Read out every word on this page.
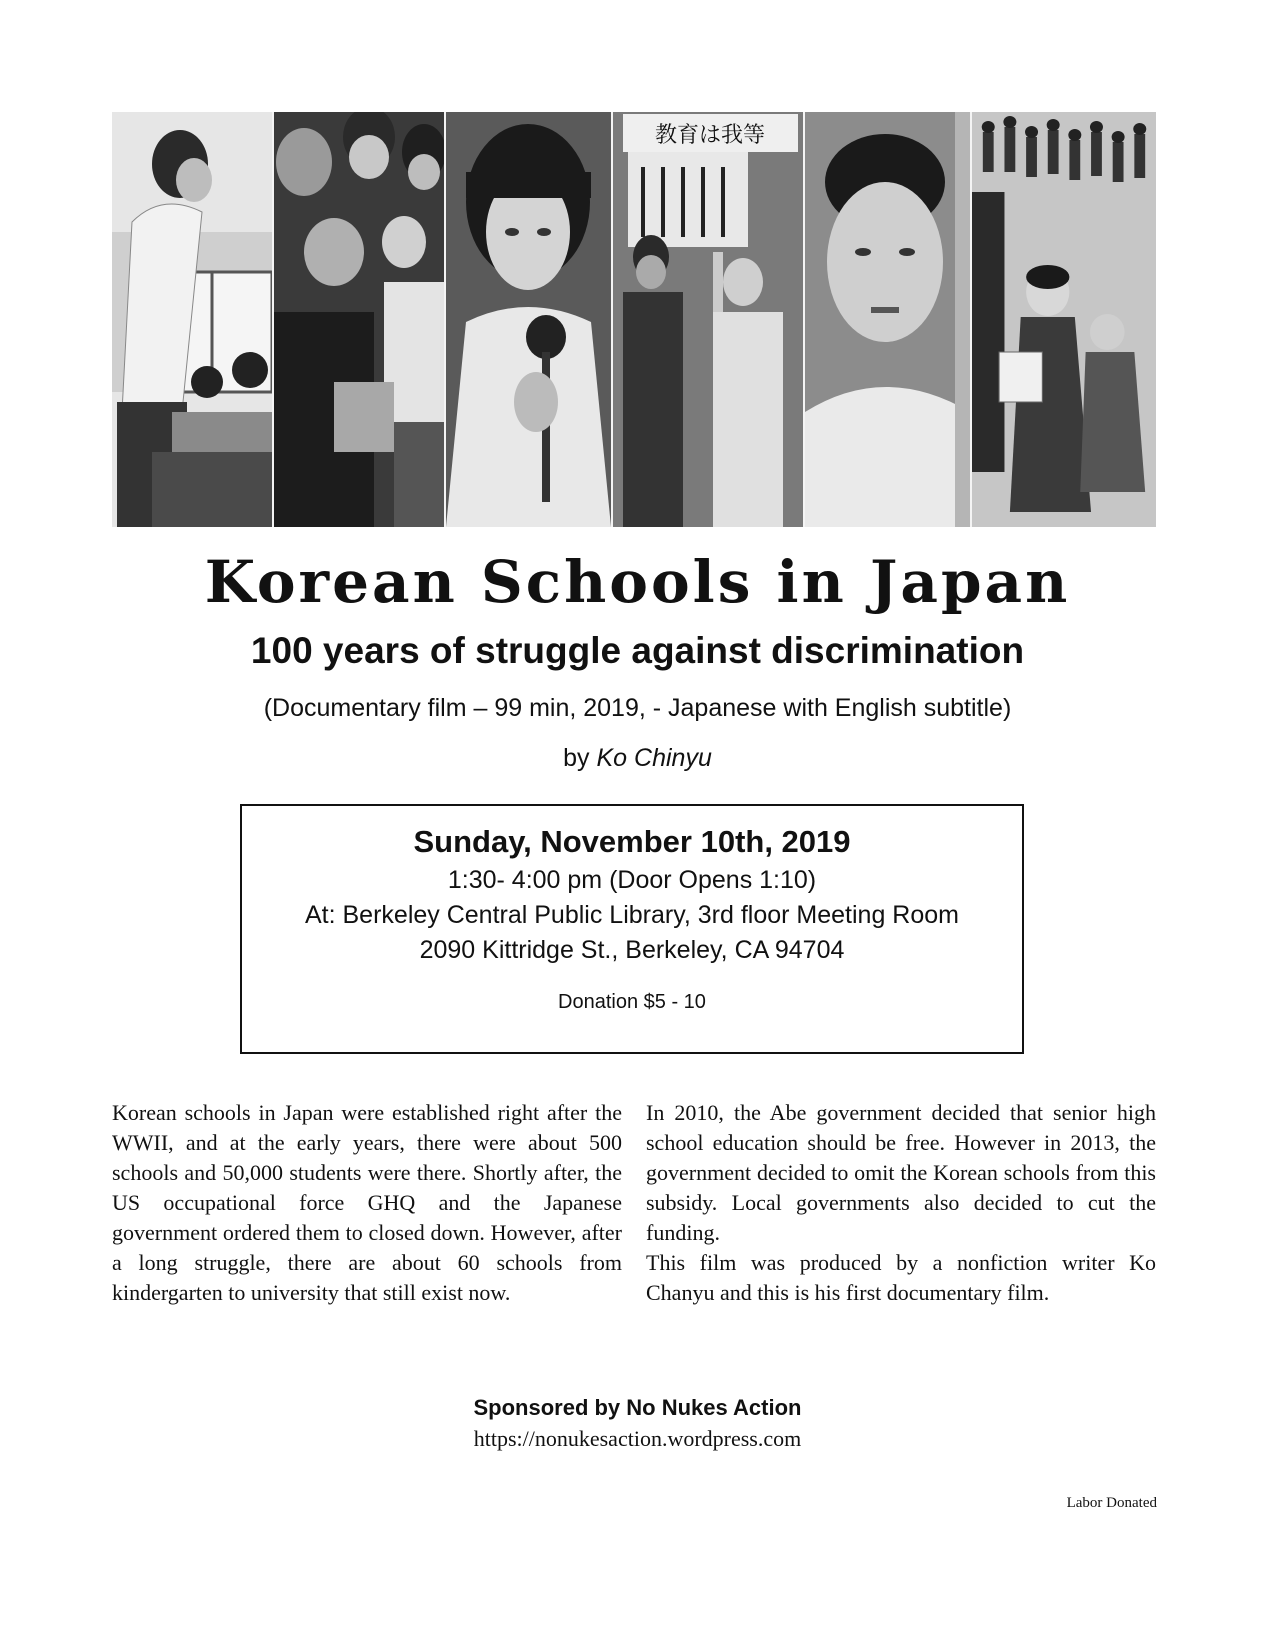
教育は我等
Korean Schools in Japan
100 years of struggle against discrimination
(Documentary film – 99 min, 2019, - Japanese with English subtitle)
by Ko Chinyu
Sunday, November 10th, 2019
1:30- 4:00 pm (Door Opens 1:10)
At: Berkeley Central Public Library, 3rd floor Meeting Room
2090 Kittridge St., Berkeley, CA 94704
Donation $5 - 10

Korean schools in Japan were established right after the WWII, and at the early years, there were about 500 schools and 50,000 students were there. Shortly after, the US occupational force GHQ and the Japanese government ordered them to closed down. However, after a long struggle, there are about 60 schools from kindergarten to university that still exist now.

In 2010, the Abe government decided that senior high school education should be free. However in 2013, the government decided to omit the Korean schools from this subsidy. Local governments also decided to cut the funding.

This film was produced by a nonfiction writer Ko Chanyu and this is his first documentary film.

Sponsored by No Nukes Action
https://nonukesaction.wordpress.com
Labor Donated
